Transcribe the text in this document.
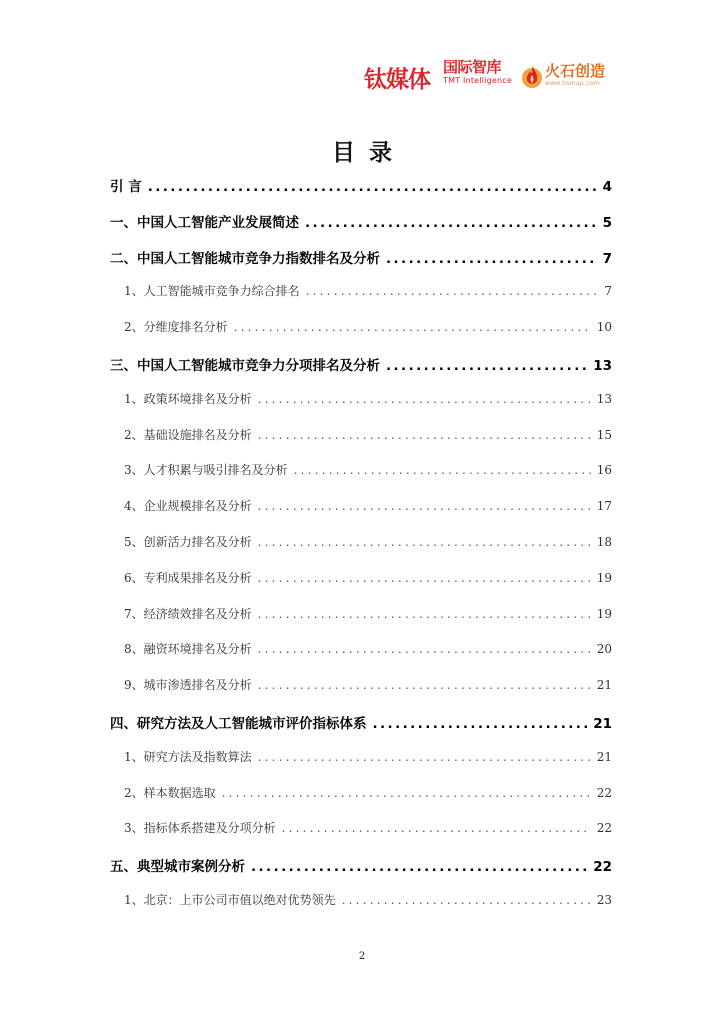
钛媒体 国际智库
TMT Intelligence
火石创造
www.hsmap.com
目录
引 言 .....	4
一、中国人工智能产业发展简述 .....	5
二、中国人工智能城市竞争力指数排名及分析 .....	7
1、人工智能城市竞争力综合排名 .....	7
2、分维度排名分析 .....	10
三、中国人工智能城市竞争力分项排名及分析 .....	13
1、政策环境排名及分析 .....	13
2、基础设施排名及分析 .....	15
3、人才积累与吸引排名及分析 .....	16
4、企业规模排名及分析 .....	17
5、创新活力排名及分析 .....	18
6、专利成果排名及分析 .....	19
7、经济绩效排名及分析 .....	19
8、融资环境排名及分析 .....	20
9、城市渗透排名及分析 .....	21
四、研究方法及人工智能城市评价指标体系 .....	21
1、研究方法及指数算法 .....	21
2、样本数据选取 .....	22
3、指标体系搭建及分项分析 .....	22
五、典型城市案例分析 .....	22
1、北京：上市公司市值以绝对优势领先 .....	23
2
